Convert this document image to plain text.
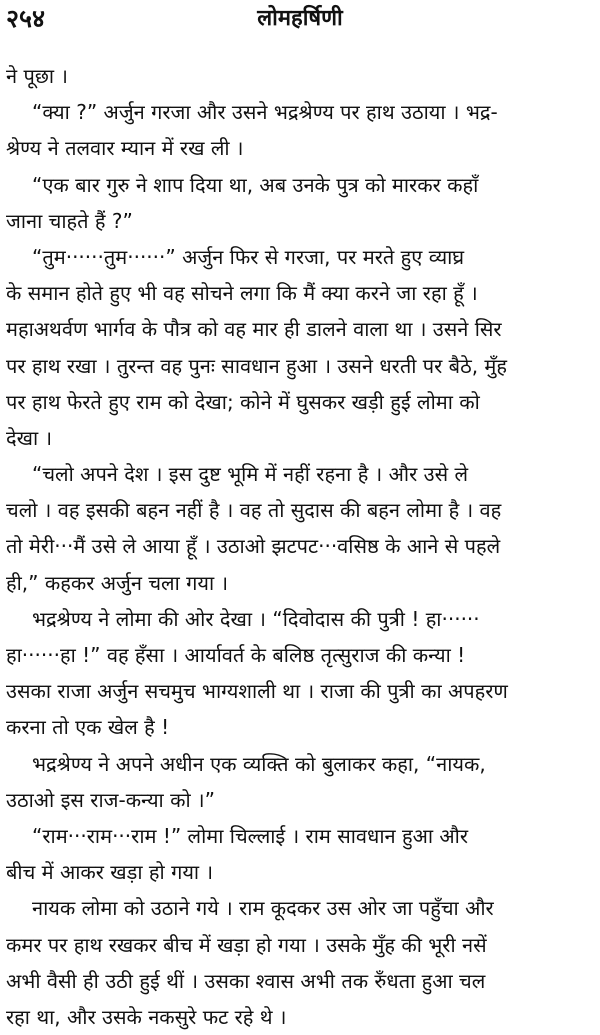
२५४	लोमहर्षिणी
ने पूछा ।
“क्या ?” अर्जुन गरजा और उसने भद्रश्रेण्य पर हाथ उठाया । भद्र-
श्रेण्य ने तलवार म्यान में रख ली ।
“एक बार गुरु ने शाप दिया था, अब उनके पुत्र को मारकर कहाँ
जाना चाहते हैं ?”
“तुम······तुम······” अर्जुन फिर से गरजा, पर मरते हुए व्याघ्र
के समान होते हुए भी वह सोचने लगा कि मैं क्या करने जा रहा हूँ ।
महाअथर्वण भार्गव के पौत्र को वह मार ही डालने वाला था । उसने सिर
पर हाथ रखा । तुरन्त वह पुनः सावधान हुआ । उसने धरती पर बैठे, मुँह
पर हाथ फेरते हुए राम को देखा; कोने में घुसकर खड़ी हुई लोमा को
देखा ।
“चलो अपने देश । इस दुष्ट भूमि में नहीं रहना है । और उसे ले
चलो । वह इसकी बहन नहीं है । वह तो सुदास की बहन लोमा है । वह
तो मेरी···मैं उसे ले आया हूँ । उठाओ झटपट···वसिष्ठ के आने से पहले
ही,” कहकर अर्जुन चला गया ।
भद्रश्रेण्य ने लोमा की ओर देखा । “दिवोदास की पुत्री ! हा······
हा······हा !” वह हँसा । आर्यावर्त के बलिष्ठ तृत्सुराज की कन्या !
उसका राजा अर्जुन सचमुच भाग्यशाली था । राजा की पुत्री का अपहरण
करना तो एक खेल है !
भद्रश्रेण्य ने अपने अधीन एक व्यक्ति को बुलाकर कहा, “नायक,
उठाओ इस राज-कन्या को ।”
“राम···राम···राम !” लोमा चिल्लाई । राम सावधान हुआ और
बीच में आकर खड़ा हो गया ।
नायक लोमा को उठाने गये । राम कूदकर उस ओर जा पहुँचा और
कमर पर हाथ रखकर बीच में खड़ा हो गया । उसके मुँह की भूरी नसें
अभी वैसी ही उठी हुई थीं । उसका श्वास अभी तक रुँधता हुआ चल
रहा था, और उसके नकसुरे फट रहे थे ।
